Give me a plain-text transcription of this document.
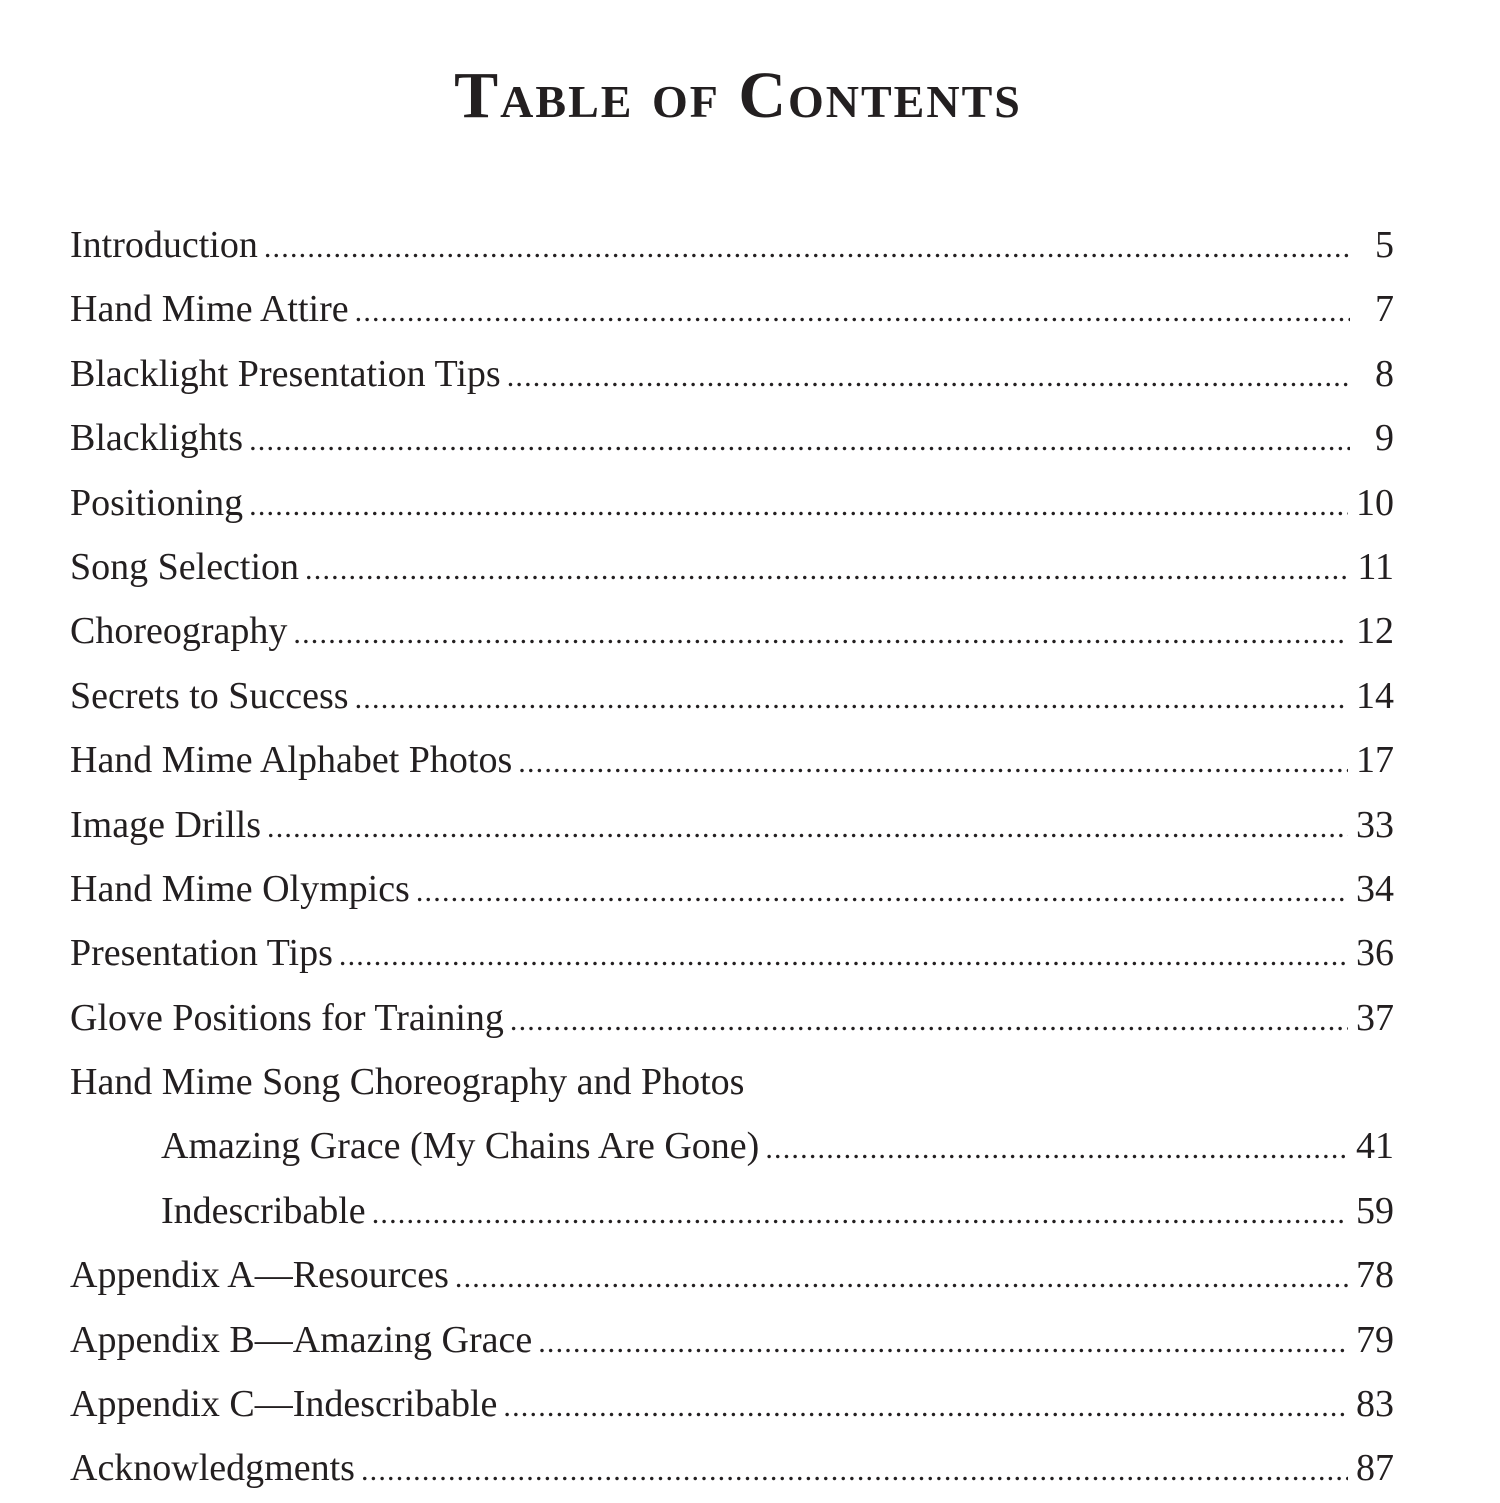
Table of Contents
Introduction .....	5
Hand Mime Attire .....	7
Blacklight Presentation Tips .....	8
Blacklights .....	9
Positioning .....	10
Song Selection .....	11
Choreography .....	12
Secrets to Success .....	14
Hand Mime Alphabet Photos .....	17
Image Drills .....	33
Hand Mime Olympics .....	34
Presentation Tips .....	36
Glove Positions for Training .....	37
Hand Mime Song Choreography and Photos
Amazing Grace (My Chains Are Gone) .....	41
Indescribable .....	59
Appendix A—Resources .....	78
Appendix B—Amazing Grace .....	79
Appendix C—Indescribable .....	83
Acknowledgments .....	87
